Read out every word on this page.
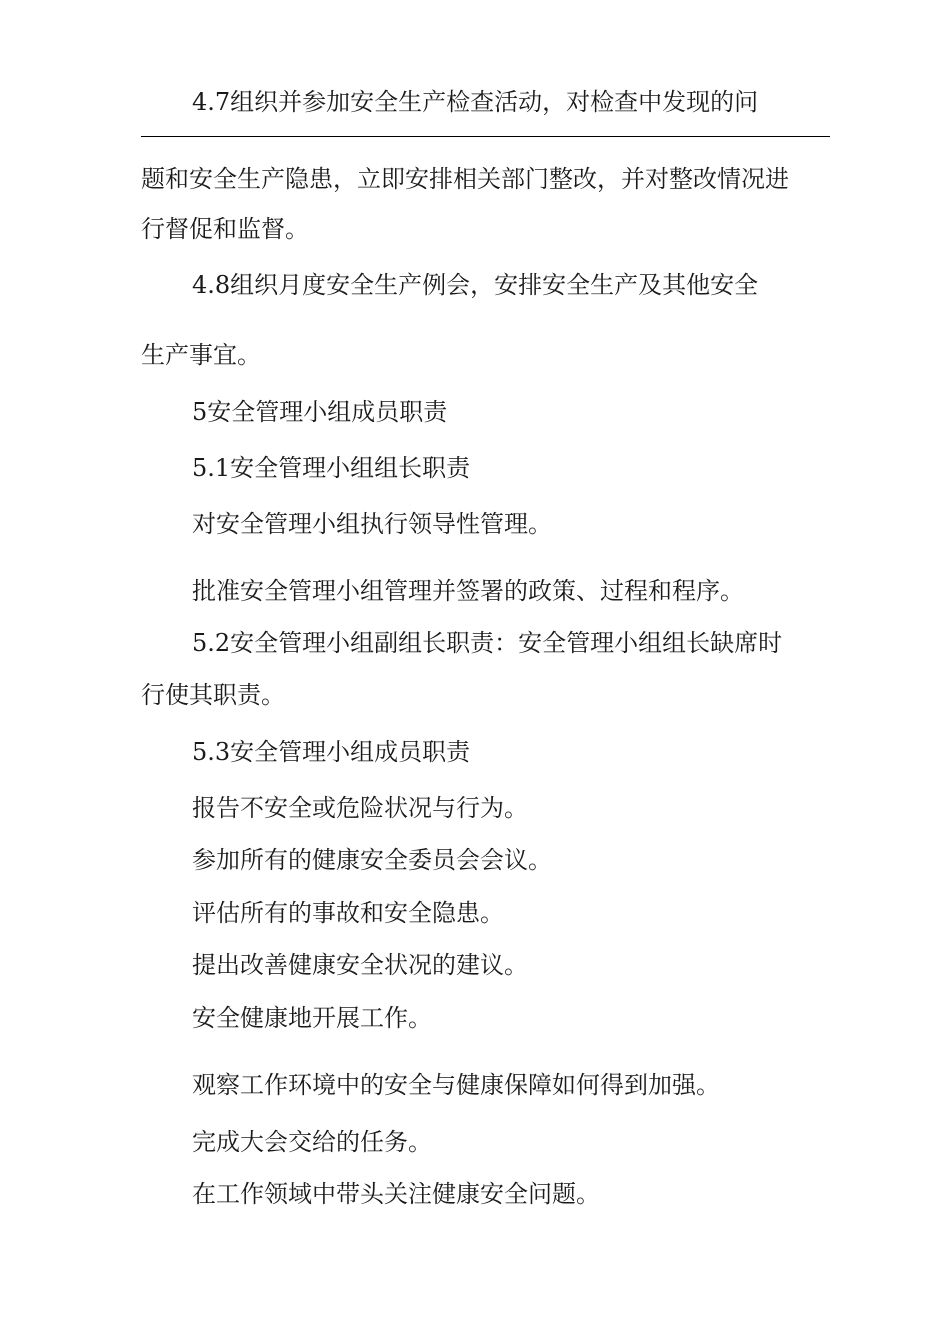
4.7组织并参加安全生产检查活动，对检查中发现的问

题和安全生产隐患，立即安排相关部门整改，并对整改情况进

行督促和监督。

4.8组织月度安全生产例会，安排安全生产及其他安全

生产事宜。

5安全管理小组成员职责

5.1安全管理小组组长职责

对安全管理小组执行领导性管理。

批准安全管理小组管理并签署的政策、过程和程序。

5.2安全管理小组副组长职责：安全管理小组组长缺席时

行使其职责。

5.3安全管理小组成员职责

报告不安全或危险状况与行为。

参加所有的健康安全委员会会议。

评估所有的事故和安全隐患。

提出改善健康安全状况的建议。

安全健康地开展工作。

观察工作环境中的安全与健康保障如何得到加强。

完成大会交给的任务。

在工作领域中带头关注健康安全问题。
